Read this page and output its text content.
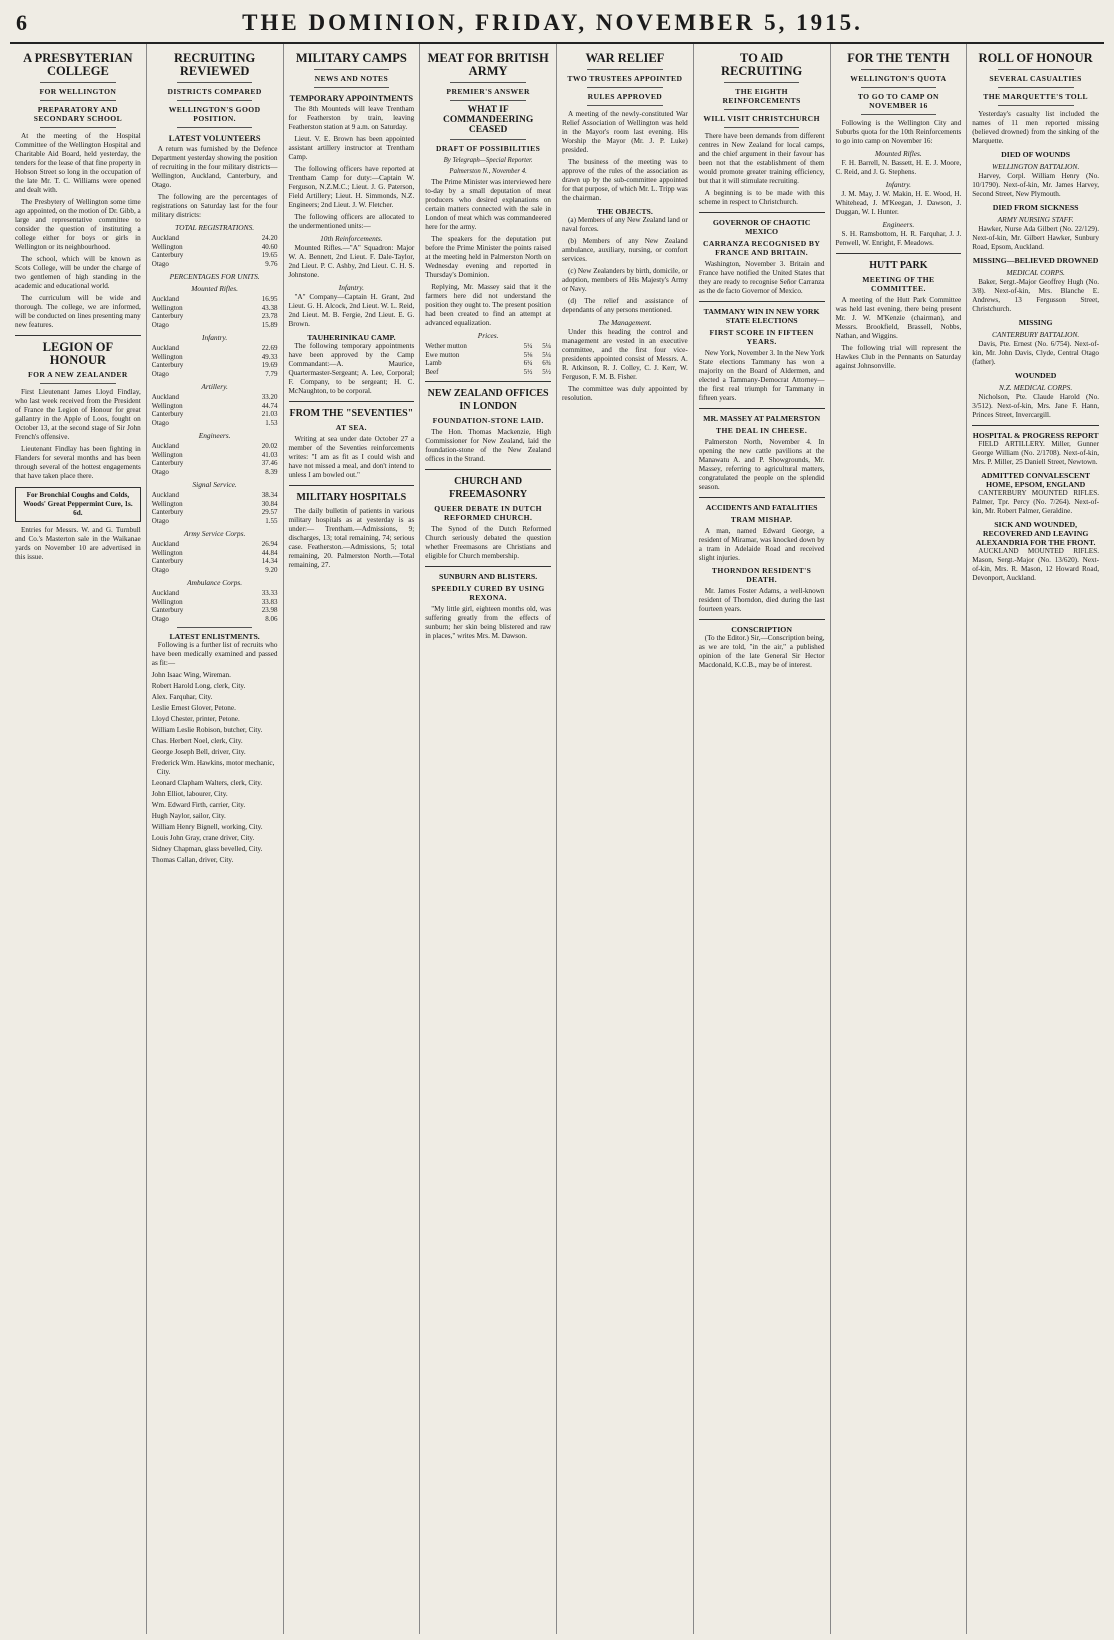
6	THE DOMINION, FRIDAY, NOVEMBER 5, 1915.
A PRESBYTERIAN COLLEGE
FOR WELLINGTON
PREPARATORY AND SECONDARY SCHOOL

At the meeting of the Hospital Committee of the Wellington Hospital and Charitable Aid Board, held yesterday, the tenders for the lease of that fine property in Hobson Street so long in the occupation of the late Mr. T. C. Williams were opened and dealt with.

The Presbytery of Wellington some time ago appointed, on the motion of Dr. Gibb, a large and representative committee to consider the question of instituting a college either for boys or girls in Wellington or its neighbourhood.

The school, which will be known as Scots College, will be under the charge of two gentlemen of high standing in the academic and educational world.

The curriculum will be wide and thorough. The college, we are informed, will be conducted on lines presenting many new features.

LEGION OF HONOUR
FOR A NEW ZEALANDER

First Lieutenant James Lloyd Findlay, who last week received from the President of France the Legion of Honour for great gallantry in the Apple of Loos, fought on October 13, at the second stage of Sir John French's offensive.

Lieutenant Findlay has been fighting in Flanders for several months and has been through several of the hottest engagements that have taken place there.

For Bronchial Coughs and Colds, Woods' Great Peppermint Cure, 1s. 6d.

Entries for Messrs. W. and G. Turnbull and Co.'s Masterton sale in the Waikanae yards on November 10 are advertised in this issue.

RECRUITING REVIEWED
DISTRICTS COMPARED
WELLINGTON'S GOOD POSITION.
LATEST VOLUNTEERS

A return was furnished by the Defence Department yesterday showing the position of recruiting in the four military districts—Wellington, Auckland, Canterbury, and Otago.

The following are the percentages of registrations on Saturday last for the four military districts:

TOTAL REGISTRATIONS.
Auckland	24.20
Wellington	40.60
Canterbury	19.65
Otago	9.76
PERCENTAGES FOR UNITS.
Mounted Rifles.
Auckland	16.95
Wellington	43.38
Canterbury	23.78
Otago	15.89
Infantry.
Auckland	22.69
Wellington	49.33
Canterbury	19.69
Otago	7.79
Artillery.
Auckland	33.20
Wellington	44.74
Canterbury	21.03
Otago	1.53
Engineers.
Auckland	20.02
Wellington	41.03
Canterbury	37.46
Otago	8.39
Signal Service.
Auckland	38.34
Wellington	30.84
Canterbury	29.57
Otago	1.55
Army Service Corps.
Auckland	26.94
Wellington	44.84
Canterbury	14.34
Otago	9.20
Ambulance Corps.
Auckland	33.33
Wellington	33.83
Canterbury	23.98
Otago	8.06
LATEST ENLISTMENTS.

Following is a further list of recruits who have been medically examined and passed as fit:—

John Isaac Wing, Wireman.
Robert Harold Long, clerk, City.
Alex. Farquhar, City.
Leslie Ernest Glover, Petone.
Lloyd Chester, printer, Petone.
William Leslie Robison, butcher, City.
Chas. Herbert Noel, clerk, City.
George Joseph Bell, driver, City.
Frederick Wm. Hawkins, motor mechanic, City.
Leonard Clapham Walters, clerk, City.
John Elliot, labourer, City.
Wm. Edward Firth, carrier, City.
Hugh Naylor, sailor, City.
William Henry Bignell, working, City.
Louis John Gray, crane driver, City.
Sidney Chapman, glass bevelled, City.
Thomas Callan, driver, City.
MILITARY CAMPS
NEWS AND NOTES
TEMPORARY APPOINTMENTS

The 8th Mounteds will leave Trentham for Featherston by train, leaving Featherston station at 9 a.m. on Saturday.

Lieut. V. E. Brown has been appointed assistant artillery instructor at Trentham Camp.

The following officers have reported at Trentham Camp for duty:—Captain W. Ferguson, N.Z.M.C.; Lieut. J. G. Paterson, Field Artillery; Lieut. H. Simmonds, N.Z. Engineers; 2nd Lieut. J. W. Fletcher.

The following officers are allocated to the undermentioned units:—

10th Reinforcements.

Mounted Rifles.—"A" Squadron: Major W. A. Bennett, 2nd Lieut. F. Dale-Taylor, 2nd Lieut. P. C. Ashby, 2nd Lieut. C. H. S. Johnstone.

Infantry.

"A" Company—Captain H. Grant, 2nd Lieut. G. H. Alcock, 2nd Lieut. W. L. Reid, 2nd Lieut. M. B. Fergie, 2nd Lieut. E. G. Brown.

TAUHERINIKAU CAMP.

The following temporary appointments have been approved by the Camp Commandant:—A. Maurice, Quartermaster-Sergeant; A. Lee, Corporal; F. Company, to be sergeant; H. C. McNaughton, to be corporal.

FROM THE "SEVENTIES"
AT SEA.

Writing at sea under date October 27 a member of the Seventies reinforcements writes: "I am as fit as I could wish and have not missed a meal, and don't intend to unless I am bowled out."

MILITARY HOSPITALS

The daily bulletin of patients in various military hospitals as at yesterday is as under:— Trentham.—Admissions, 9; discharges, 13; total remaining, 74; serious case. Featherston.—Admissions, 5; total remaining, 20. Palmerston North.—Total remaining, 27.

MEAT FOR BRITISH ARMY
PREMIER'S ANSWER
WHAT IF COMMANDEERING CEASED
DRAFT OF POSSIBILITIES
By Telegraph—Special Reporter.
Palmerston N., November 4.

The Prime Minister was interviewed here to-day by a small deputation of meat producers who desired explanations on certain matters connected with the sale in London of meat which was commandeered here for the army.

The speakers for the deputation put before the Prime Minister the points raised at the meeting held in Palmerston North on Wednesday evening and reported in Thursday's Dominion.

Replying, Mr. Massey said that it the farmers here did not understand the position they ought to. The present position had been created to find an attempt at advanced equalization.

Prices.
Wether mutton	5¼	5¼
Ewe mutton	5⅛	5¼
Lamb	6¼	6¾
Beef	5½	5½
NEW ZEALAND OFFICES IN LONDON
FOUNDATION-STONE LAID.

The Hon. Thomas Mackenzie, High Commissioner for New Zealand, laid the foundation-stone of the New Zealand offices in the Strand.

CHURCH AND FREEMASONRY
QUEER DEBATE IN DUTCH REFORMED CHURCH.

The Synod of the Dutch Reformed Church seriously debated the question whether Freemasons are Christians and eligible for Church membership.

SUNBURN AND BLISTERS.
SPEEDILY CURED BY USING REXONA.

"My little girl, eighteen months old, was suffering greatly from the effects of sunburn; her skin being blistered and raw in places," writes Mrs. M. Dawson.

WAR RELIEF
TWO TRUSTEES APPOINTED
RULES APPROVED

A meeting of the newly-constituted War Relief Association of Wellington was held in the Mayor's room last evening. His Worship the Mayor (Mr. J. P. Luke) presided.

The business of the meeting was to approve of the rules of the association as drawn up by the sub-committee appointed for that purpose, of which Mr. L. Tripp was the chairman.

THE OBJECTS.

(a) Members of any New Zealand land or naval forces.

(b) Members of any New Zealand ambulance, auxiliary, nursing, or comfort services.

(c) New Zealanders by birth, domicile, or adoption, members of His Majesty's Army or Navy.

(d) The relief and assistance of dependants of any persons mentioned.

The Management.

Under this heading the control and management are vested in an executive committee, and the first four vice-presidents appointed consist of Messrs. A. R. Atkinson, R. J. Colley, C. J. Kerr, W. Ferguson, F. M. B. Fisher.

The committee was duly appointed by resolution.

TO AID RECRUITING
THE EIGHTH REINFORCEMENTS
WILL VISIT CHRISTCHURCH

There have been demands from different centres in New Zealand for local camps, and the chief argument in their favour has been not that the establishment of them would promote greater training efficiency, but that it will stimulate recruiting.

A beginning is to be made with this scheme in respect to Christchurch.

GOVERNOR OF CHAOTIC MEXICO
CARRANZA RECOGNISED BY FRANCE AND BRITAIN.

Washington, November 3. Britain and France have notified the United States that they are ready to recognise Señor Carranza as the de facto Governor of Mexico.

TAMMANY WIN IN NEW YORK STATE ELECTIONS
FIRST SCORE IN FIFTEEN YEARS.

New York, November 3. In the New York State elections Tammany has won a majority on the Board of Aldermen, and elected a Tammany-Democrat Attorney—the first real triumph for Tammany in fifteen years.

MR. MASSEY AT PALMERSTON
THE DEAL IN CHEESE.

Palmerston North, November 4. In opening the new cattle pavilions at the Manawatu A. and P. Showgrounds, Mr. Massey, referring to agricultural matters, congratulated the people on the splendid season.

ACCIDENTS AND FATALITIES
TRAM MISHAP.

A man, named Edward George, a resident of Miramar, was knocked down by a tram in Adelaide Road and received slight injuries.

THORNDON RESIDENT'S DEATH.

Mr. James Foster Adams, a well-known resident of Thorndon, died during the last fourteen years.

CONSCRIPTION

(To the Editor.) Sir,—Conscription being, as we are told, "in the air," a published opinion of the late General Sir Hector Macdonald, K.C.B., may be of interest.

FOR THE TENTH
WELLINGTON'S QUOTA
TO GO TO CAMP ON NOVEMBER 16

Following is the Wellington City and Suburbs quota for the 10th Reinforcements to go into camp on November 16:

Mounted Rifles.

F. H. Barrell, N. Bassett, H. E. J. Moore, C. Reid, and J. G. Stephens.

Infantry.

J. M. May, J. W. Makin, H. E. Wood, H. Whitehead, J. M'Keegan, J. Dawson, J. Duggan, W. I. Hunter.

Engineers.

S. H. Ramsbottom, H. R. Farquhar, J. J. Penwell, W. Enright, F. Meadows.

HUTT PARK
MEETING OF THE COMMITTEE.

A meeting of the Hutt Park Committee was held last evening, there being present Mr. J. W. M'Kenzie (chairman), and Messrs. Brookfield, Brassell, Nobbs, Nathan, and Wiggins.

The following trial will represent the Hawkes Club in the Pennants on Saturday against Johnsonville.

ROLL OF HONOUR
SEVERAL CASUALTIES
THE MARQUETTE'S TOLL

Yesterday's casualty list included the names of 11 men reported missing (believed drowned) from the sinking of the Marquette.

DIED OF WOUNDS
WELLINGTON BATTALION.

Harvey, Corpl. William Henry (No. 10/1790). Next-of-kin, Mr. James Harvey, Second Street, New Plymouth.

DIED FROM SICKNESS
ARMY NURSING STAFF.

Hawker, Nurse Ada Gilbert (No. 22/129). Next-of-kin, Mr. Gilbert Hawker, Sunbury Road, Epsom, Auckland.

MISSING—BELIEVED DROWNED
MEDICAL CORPS.

Baker, Sergt.-Major Geoffrey Hugh (No. 3/8). Next-of-kin, Mrs. Blanche E. Andrews, 13 Fergusson Street, Christchurch.

MISSING
CANTERBURY BATTALION.

Davis, Pte. Ernest (No. 6/754). Next-of-kin, Mr. John Davis, Clyde, Central Otago (father).

WOUNDED
N.Z. MEDICAL CORPS.

Nicholson, Pte. Claude Harold (No. 3/512). Next-of-kin, Mrs. Jane F. Hann, Princes Street, Invercargill.

HOSPITAL & PROGRESS REPORT

FIELD ARTILLERY. Miller, Gunner George William (No. 2/1708). Next-of-kin, Mrs. P. Miller, 25 Daniell Street, Newtown.

ADMITTED CONVALESCENT HOME, EPSOM, ENGLAND

CANTERBURY MOUNTED RIFLES. Palmer, Tpr. Percy (No. 7/264). Next-of-kin, Mr. Robert Palmer, Geraldine.

SICK AND WOUNDED, RECOVERED AND LEAVING ALEXANDRIA FOR THE FRONT.

AUCKLAND MOUNTED RIFLES. Mason, Sergt.-Major (No. 13/620). Next-of-kin, Mrs. R. Mason, 12 Howard Road, Devonport, Auckland.
